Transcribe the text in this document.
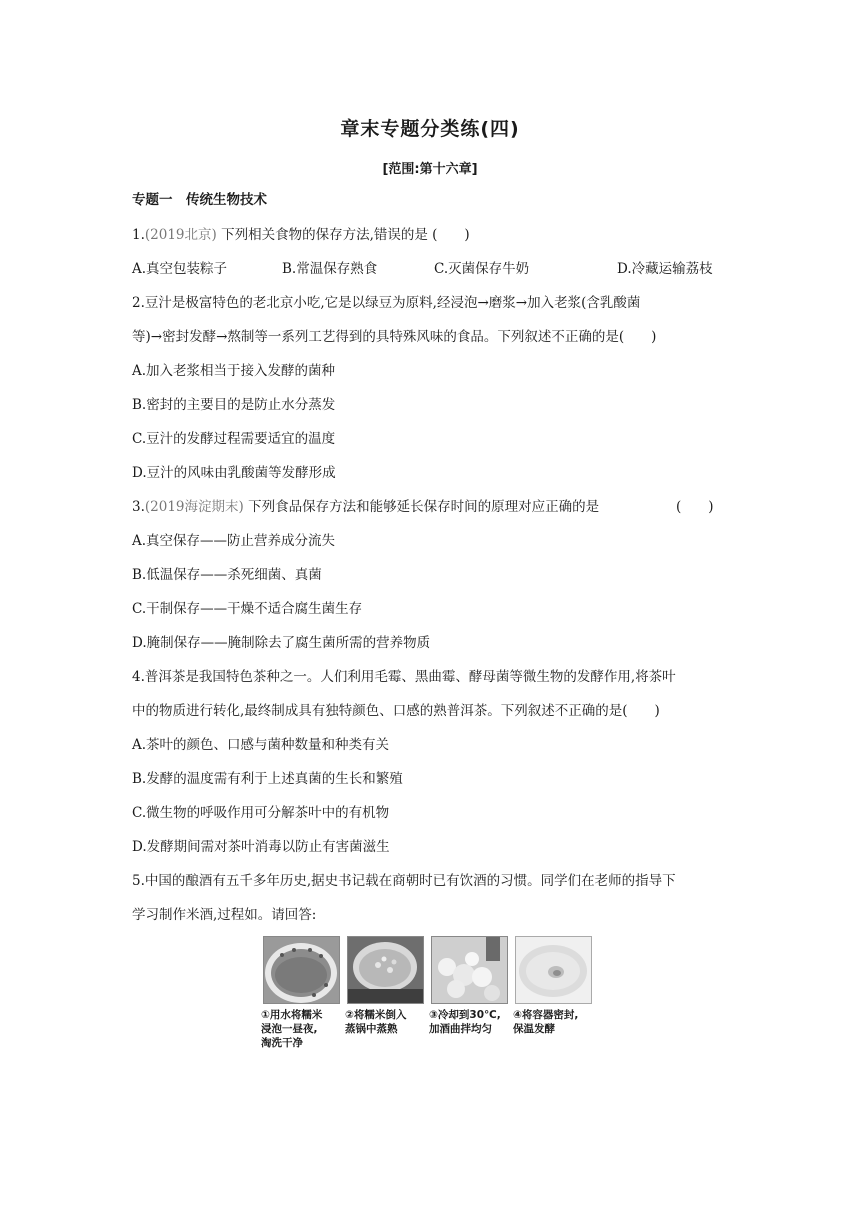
章末专题分类练(四)
[范围:第十六章]
专题一　传统生物技术
1.(2019北京) 下列相关食物的保存方法,错误的是 (　　)
A.真空包装粽子	B.常温保存熟食	C.灭菌保存牛奶	D.冷藏运输荔枝
2.豆汁是极富特色的老北京小吃,它是以绿豆为原料,经浸泡→磨浆→加入老浆(含乳酸菌
等)→密封发酵→熬制等一系列工艺得到的具特殊风味的食品。下列叙述不正确的是(　　)
A.加入老浆相当于接入发酵的菌种
B.密封的主要目的是防止水分蒸发
C.豆汁的发酵过程需要适宜的温度
D.豆汁的风味由乳酸菌等发酵形成
3.(2019海淀期末) 下列食品保存方法和能够延长保存时间的原理对应正确的是	(　　)
A.真空保存——防止营养成分流失
B.低温保存——杀死细菌、真菌
C.干制保存——干燥不适合腐生菌生存
D.腌制保存——腌制除去了腐生菌所需的营养物质
4.普洱茶是我国特色茶种之一。人们利用毛霉、黑曲霉、酵母菌等微生物的发酵作用,将茶叶
中的物质进行转化,最终制成具有独特颜色、口感的熟普洱茶。下列叙述不正确的是(　　)
A.茶叶的颜色、口感与菌种数量和种类有关
B.发酵的温度需有利于上述真菌的生长和繁殖
C.微生物的呼吸作用可分解茶叶中的有机物
D.发酵期间需对茶叶消毒以防止有害菌滋生
5.中国的酿酒有五千多年历史,据史书记载在商朝时已有饮酒的习惯。同学们在老师的指导下
学习制作米酒,过程如。请回答:
①用水将糯米
浸泡一昼夜,
淘洗干净
②将糯米倒入
蒸锅中蒸熟
③冷却到30℃,
加酒曲拌均匀
④将容器密封,
保温发酵
